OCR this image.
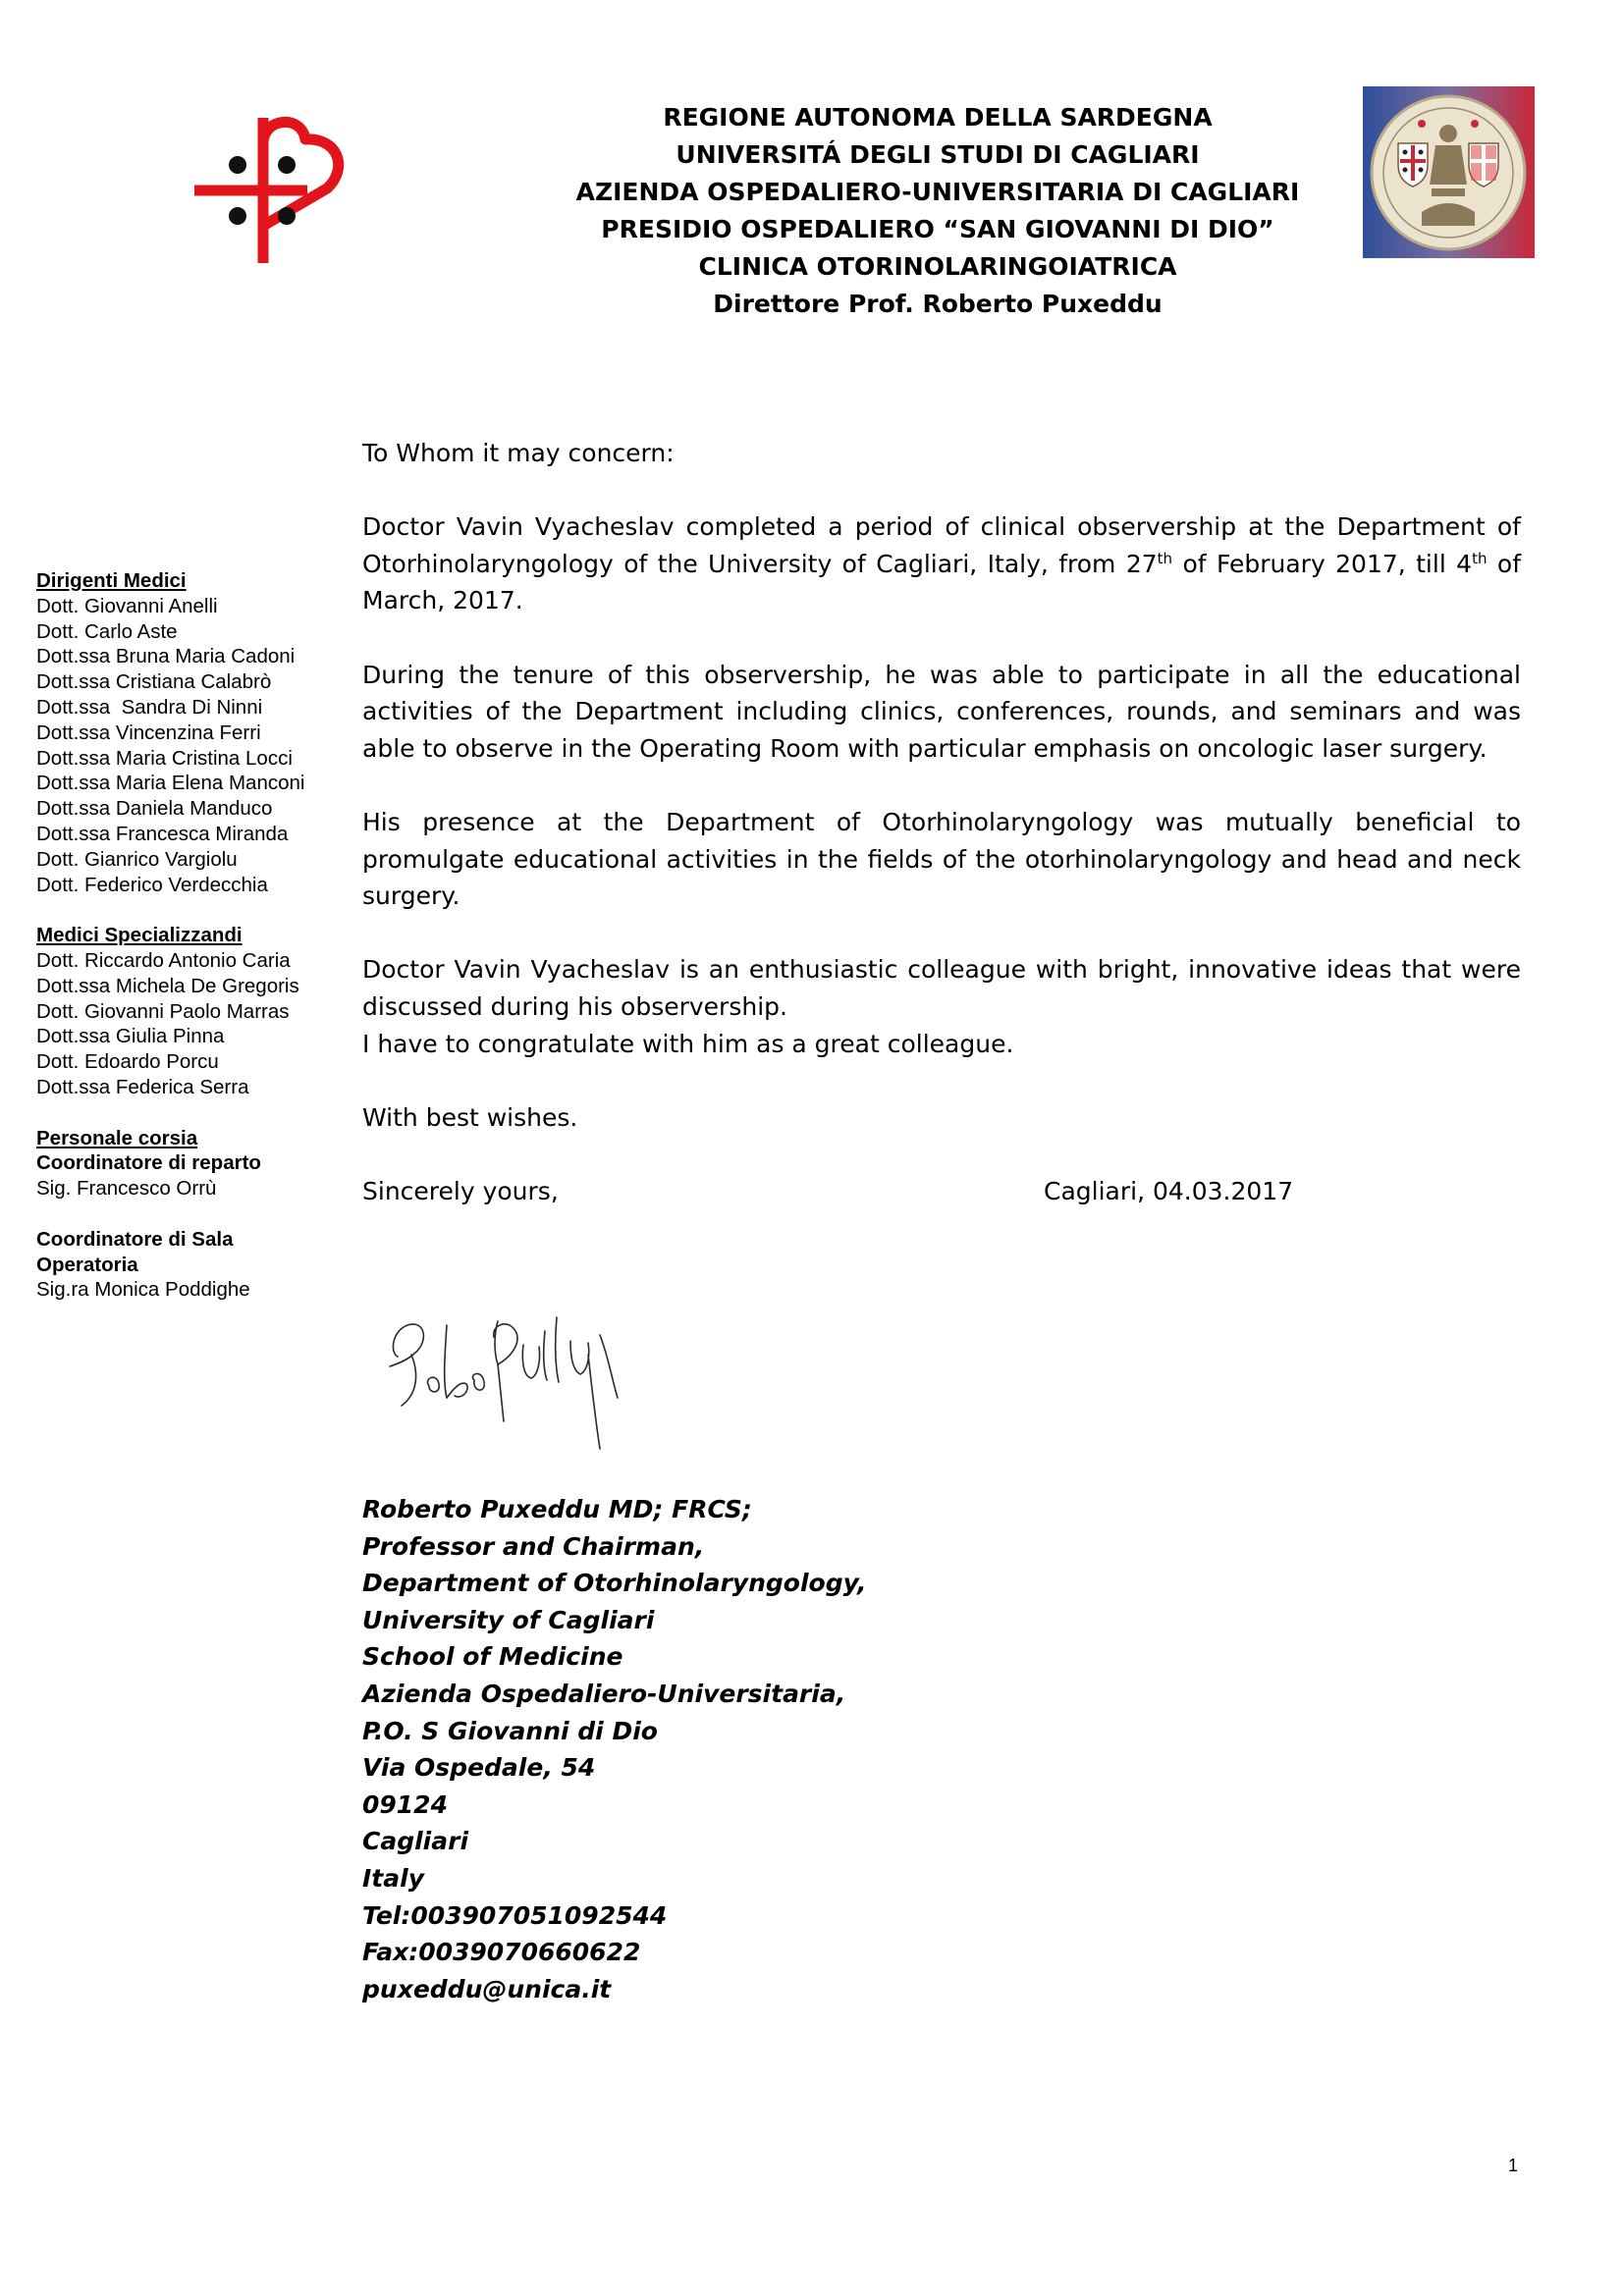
REGIONE AUTONOMA DELLA SARDEGNA
UNIVERSITÁ DEGLI STUDI DI CAGLIARI
AZIENDA OSPEDALIERO-UNIVERSITARIA DI CAGLIARI
PRESIDIO OSPEDALIERO “SAN GIOVANNI DI DIO”
CLINICA OTORINOLARINGOIATRICA
Direttore Prof. Roberto Puxeddu
Dirigenti Medici
Dott. Giovanni Anelli
Dott. Carlo Aste
Dott.ssa Bruna Maria Cadoni
Dott.ssa Cristiana Calabrò
Dott.ssa  Sandra Di Ninni
Dott.ssa Vincenzina Ferri
Dott.ssa Maria Cristina Locci
Dott.ssa Maria Elena Manconi
Dott.ssa Daniela Manduco
Dott.ssa Francesca Miranda
Dott. Gianrico Vargiolu
Dott. Federico Verdecchia
Medici Specializzandi
Dott. Riccardo Antonio Caria
Dott.ssa Michela De Gregoris
Dott. Giovanni Paolo Marras
Dott.ssa Giulia Pinna
Dott. Edoardo Porcu
Dott.ssa Federica Serra
Personale corsia
Coordinatore di reparto
Sig. Francesco Orrù
Coordinatore di Sala
Operatoria
Sig.ra Monica Poddighe

To Whom it may concern:

Doctor Vavin Vyacheslav completed a period of clinical observership at the Department of Otorhinolaryngology of the University of Cagliari, Italy, from 27th of February 2017, till 4th of March, 2017.

During the tenure of this observership, he was able to participate in all the educational activities of the Department including clinics, conferences, rounds, and seminars and was able to observe in the Operating Room with particular emphasis on oncologic laser surgery.

His presence at the Department of Otorhinolaryngology was mutually beneficial to promulgate educational activities in the fields of the otorhinolaryngology and head and neck surgery.

Doctor Vavin Vyacheslav is an enthusiastic colleague with bright, innovative ideas that were discussed during his observership.

I have to congratulate with him as a great colleague.

With best wishes.

Sincerely yours,	Cagliari, 04.03.2017
Roberto Puxeddu MD; FRCS;
Professor and Chairman,
Department of Otorhinolaryngology,
University of Cagliari
School of Medicine
Azienda Ospedaliero-Universitaria,
P.O. S Giovanni di Dio
Via Ospedale, 54
09124
Cagliari
Italy
Tel:003907051092544
Fax:0039070660622
puxeddu@unica.it
1
